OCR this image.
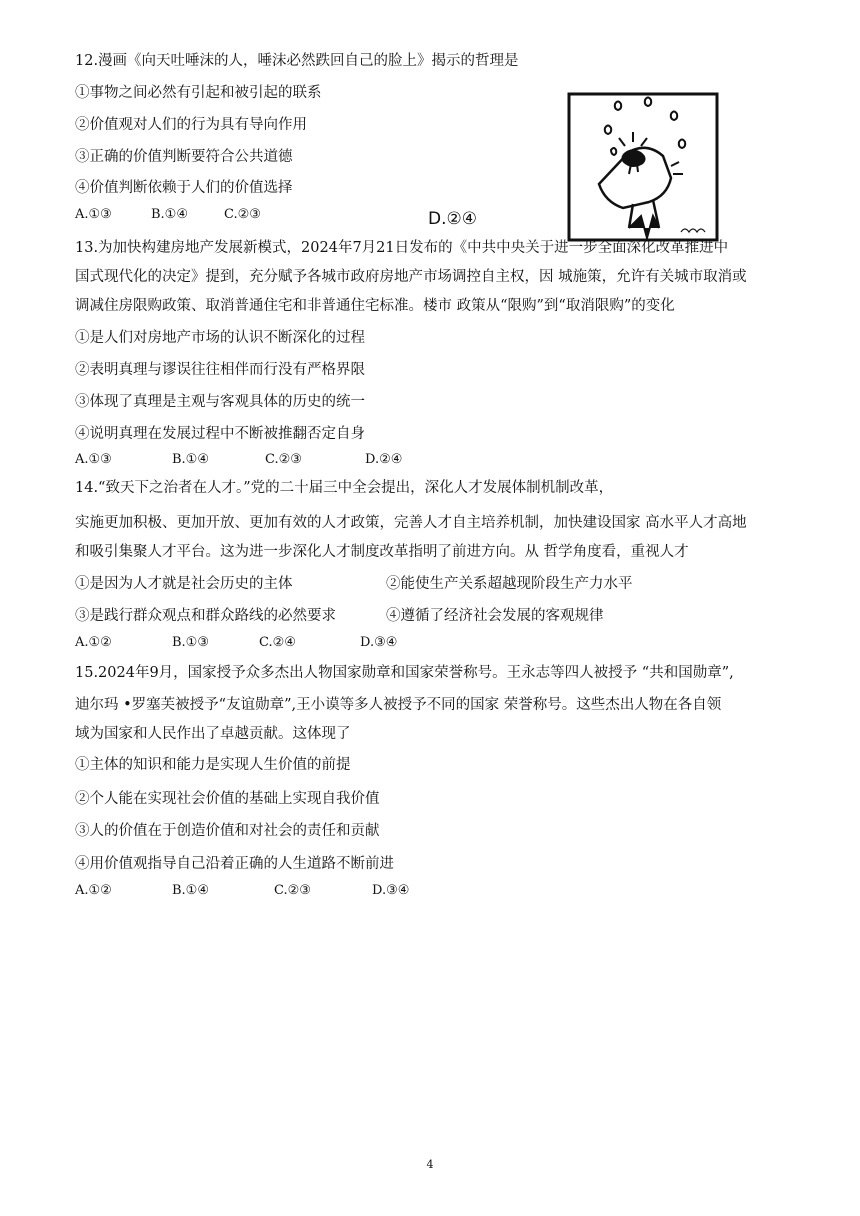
12.漫画《向天吐唾沫的人，唾沫必然跌回自己的脸上》揭示的哲理是
①事物之间必然有引起和被引起的联系
②价值观对人们的行为具有导向作用
③正确的价值判断要符合公共道德
④价值判断依赖于人们的价值选择
A.①③	B.①④	C.②③	D.②④
13.为加快构建房地产发展新模式，2024年7月21日发布的《中共中央关于进一步全面深化改革推进中
国式现代化的决定》提到，充分赋予各城市政府房地产市场调控自主权，因 城施策，允许有关城市取消或
调减住房限购政策、取消普通住宅和非普通住宅标准。楼市 政策从“限购”到“取消限购”的变化
①是人们对房地产市场的认识不断深化的过程
②表明真理与谬误往往相伴而行没有严格界限
③体现了真理是主观与客观具体的历史的统一
④说明真理在发展过程中不断被推翻否定自身
A.①③	B.①④	C.②③	D.②④
14.“致天下之治者在人才。”党的二十届三中全会提出，深化人才发展体制机制改革，
实施更加积极、更加开放、更加有效的人才政策，完善人才自主培养机制，加快建设国家 高水平人才高地
和吸引集聚人才平台。这为进一步深化人才制度改革指明了前进方向。从 哲学角度看，重视人才
①是因为人才就是社会历史的主体	②能使生产关系超越现阶段生产力水平
③是践行群众观点和群众路线的必然要求	④遵循了经济社会发展的客观规律
A.①②	B.①③	C.②④	D.③④
15.2024年9月，国家授予众多杰出人物国家勋章和国家荣誉称号。王永志等四人被授予 “共和国勋章”,
迪尔玛 •罗塞芙被授予“友谊勋章”,王小谟等多人被授予不同的国家 荣誉称号。这些杰出人物在各自领
域为国家和人民作出了卓越贡献。这体现了
①主体的知识和能力是实现人生价值的前提
②个人能在实现社会价值的基础上实现自我价值
③人的价值在于创造价值和对社会的责任和贡献
④用价值观指导自己沿着正确的人生道路不断前进
A.①②	B.①④	C.②③	D.③④
4
